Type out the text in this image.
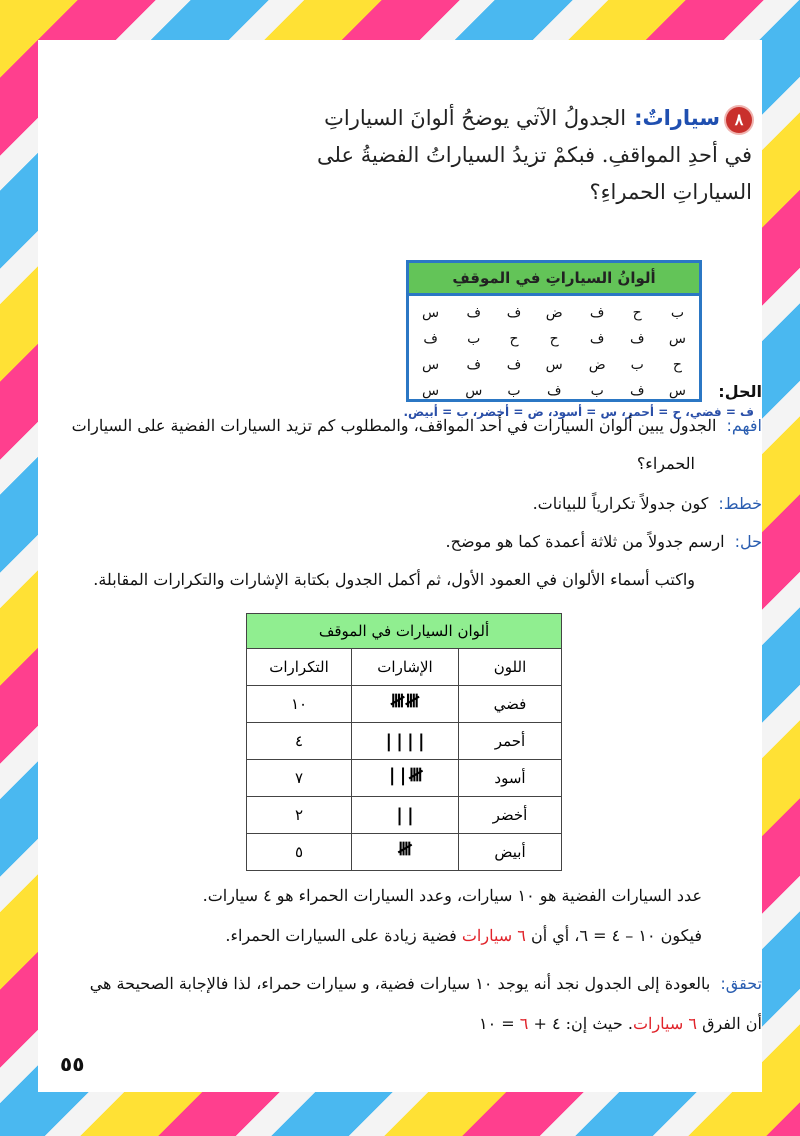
٨سياراتٌ:الجدولُ الآتي يوضحُ ألوانَ السياراتِ في أحدِ المواقفِ. فبكمْ تزيدُ السياراتُ الفضيةُ على السياراتِ الحمراءِ؟

ألوانُ السياراتِ في الموقفِ
ب	ح	ف	ض	ف	ف	س
س	ف	ف	ح	ح	ب	ف
ح	ب	ض	س	ف	ف	س
س	ف	ب	ف	ب	س	س
ف = فضي، ح = أحمر، س = أسود، ض = أخضر، ب = أبيض.
الحل:
افهم:الجدول يبين ألوان السيارات في أحد المواقف، والمطلوب كم تزيد السيارات الفضية على السيارات
الحمراء؟
خطط:كون جدولاً تكرارياً للبيانات.
حل:ارسم جدولاً من ثلاثة أعمدة كما هو موضح.
واكتب أسماء الألوان في العمود الأول، ثم أكمل الجدول بكتابة الإشارات والتكرارات المقابلة.
ألوان السيارات في الموقف		
اللون	الإشارات	التكرارات
فضي	𝍸𝍸	١٠
أحمر	||||	٤
أسود	𝍸||	٧
أخضر	||	٢
أبيض	𝍸	٥
عدد السيارات الفضية هو ١٠ سيارات، وعدد السيارات الحمراء هو ٤ سيارات.
فيكون ١٠ – ٤ = ٦، أي أن ٦ سيارات فضية زيادة على السيارات الحمراء.
تحقق:بالعودة إلى الجدول نجد أنه يوجد ١٠ سيارات فضية، و سيارات حمراء، لذا فالإجابة الصحيحة هي
أن الفرق ٦ سيارات. حيث إن: ٤ + ٦ = ١٠
٥٥
